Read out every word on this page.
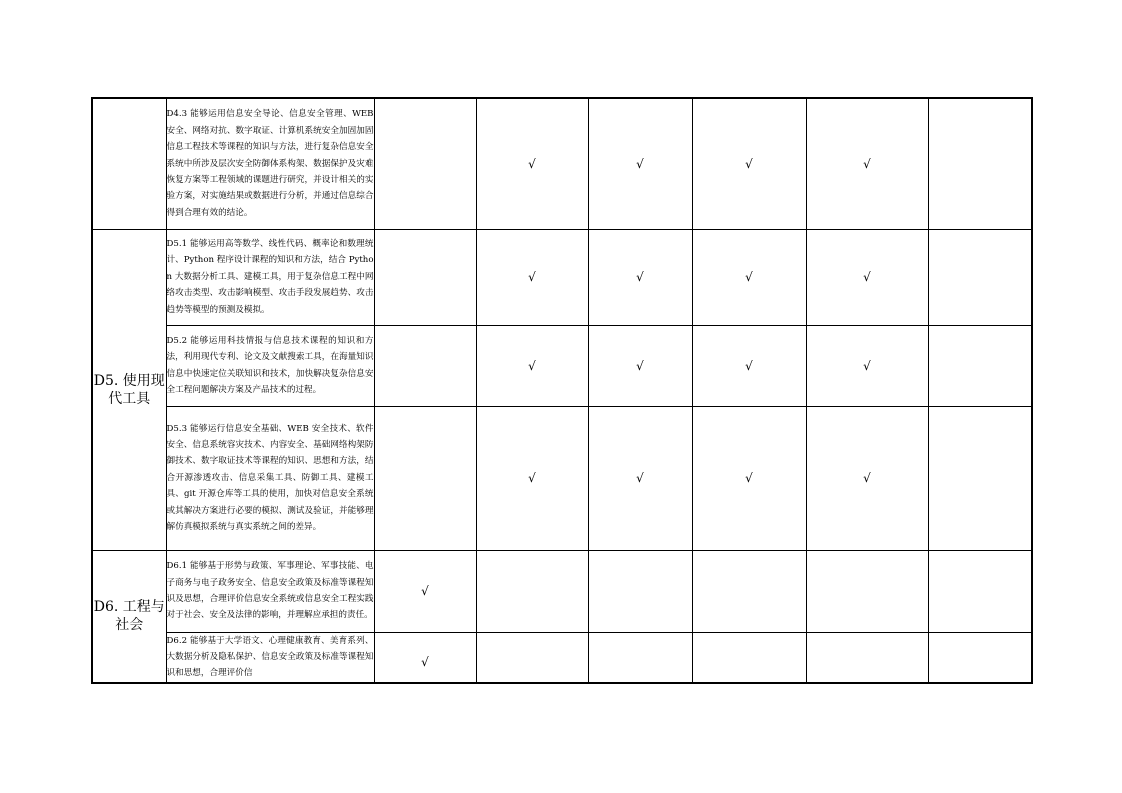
	D4.3 能够运用信息安全导论、信息安全管理、WEB 安全、网络对抗、数字取证、计算机系统安全加固加固信息工程技术等课程的知识与方法，进行复杂信息安全系统中所涉及层次安全防御体系构架、数据保护及灾难恢复方案等工程领域的课题进行研究，并设计相关的实验方案，对实施结果或数据进行分析，并通过信息综合得到合理有效的结论。		√	√	√	√	
D5. 使用现代工具	D5.1 能够运用高等数学、线性代码、概率论和数理统计、Python 程序设计课程的知识和方法，结合 Python 大数据分析工具、建模工具，用于复杂信息工程中网络攻击类型、攻击影响模型、攻击手段发展趋势、攻击趋势等模型的预测及模拟。		√	√	√	√	
	D5.2 能够运用科技情报与信息技术课程的知识和方法，利用现代专利、论文及文献搜索工具，在海量知识信息中快速定位关联知识和技术，加快解决复杂信息安全工程问题解决方案及产品技术的过程。		√	√	√	√	
	D5.3 能够运行信息安全基础、WEB 安全技术、软件安全、信息系统容灾技术、内容安全、基础网络构架防御技术、数字取证技术等课程的知识、思想和方法，结合开源渗透攻击、信息采集工具、防御工具、建模工具、git 开源仓库等工具的使用，加快对信息安全系统或其解决方案进行必要的模拟、测试及验证，并能够理解仿真模拟系统与真实系统之间的差异。		√	√	√	√	
D6. 工程与社会	D6.1 能够基于形势与政策、军事理论、军事技能、电子商务与电子政务安全、信息安全政策及标准等课程知识及思想，合理评价信息安全系统或信息安全工程实践对于社会、安全及法律的影响，并理解应承担的责任。	√					
	D6.2 能够基于大学语文、心理健康教育、美育系列、大数据分析及隐私保护、信息安全政策及标准等课程知识和思想，合理评价信	√					
